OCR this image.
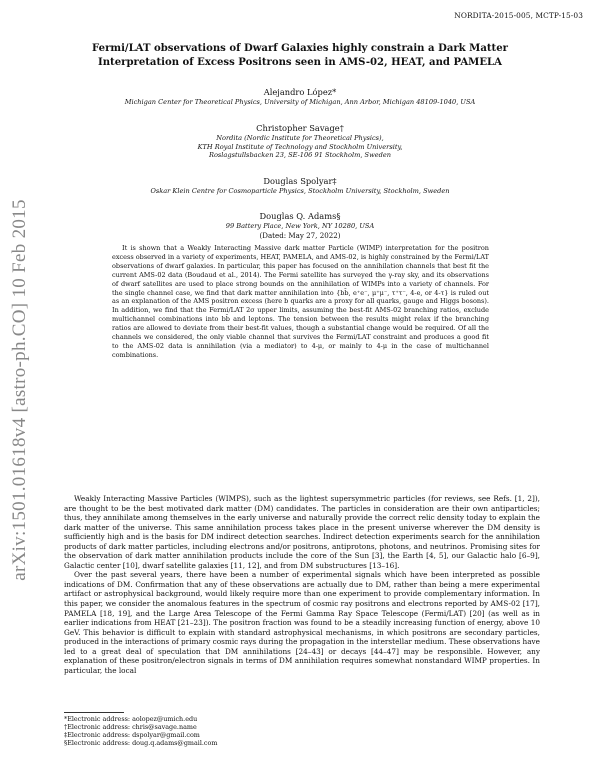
NORDITA-2015-005, MCTP-15-03
arXiv:1501.01618v4 [astro-ph.CO] 10 Feb 2015
Fermi/LAT observations of Dwarf Galaxies highly constrain a Dark Matter
Interpretation of Excess Positrons seen in AMS-02, HEAT, and PAMELA
Alejandro López*
Michigan Center for Theoretical Physics, University of Michigan, Ann Arbor, Michigan 48109-1040, USA
Christopher Savage†
Nordita (Nordic Institute for Theoretical Physics),
KTH Royal Institute of Technology and Stockholm University,
Roslagstullsbacken 23, SE-106 91 Stockholm, Sweden
Douglas Spolyar‡
Oskar Klein Centre for Cosmoparticle Physics, Stockholm University, Stockholm, Sweden
Douglas Q. Adams§
99 Battery Place, New York, NY 10280, USA
(Dated: May 27, 2022)

It is shown that a Weakly Interacting Massive dark matter Particle (WIMP) interpretation for the positron excess observed in a variety of experiments, HEAT, PAMELA, and AMS-02, is highly constrained by the Fermi/LAT observations of dwarf galaxies. In particular, this paper has focused on the annihilation channels that best fit the current AMS-02 data (Boudaud et al., 2014). The Fermi satellite has surveyed the γ-ray sky, and its observations of dwarf satellites are used to place strong bounds on the annihilation of WIMPs into a variety of channels. For the single channel case, we find that dark matter annihilation into {bb̄, e⁺e⁻, μ⁺μ⁻, τ⁺τ⁻, 4-e, or 4-τ} is ruled out as an explanation of the AMS positron excess (here b quarks are a proxy for all quarks, gauge and Higgs bosons). In addition, we find that the Fermi/LAT 2σ upper limits, assuming the best-fit AMS-02 branching ratios, exclude multichannel combinations into bb̄ and leptons. The tension between the results might relax if the branching ratios are allowed to deviate from their best-fit values, though a substantial change would be required. Of all the channels we considered, the only viable channel that survives the Fermi/LAT constraint and produces a good fit to the AMS-02 data is annihilation (via a mediator) to 4-μ, or mainly to 4-μ in the case of multichannel combinations.

Weakly Interacting Massive Particles (WIMPS), such as the lightest supersymmetric particles (for reviews, see Refs. [1, 2]), are thought to be the best motivated dark matter (DM) candidates. The particles in consideration are their own antiparticles; thus, they annihilate among themselves in the early universe and naturally provide the correct relic density today to explain the dark matter of the universe. This same annihilation process takes place in the present universe wherever the DM density is sufficiently high and is the basis for DM indirect detection searches. Indirect detection experiments search for the annihilation products of dark matter particles, including electrons and/or positrons, antiprotons, photons, and neutrinos. Promising sites for the observation of dark matter annihilation products include the core of the Sun [3], the Earth [4, 5], our Galactic halo [6–9], Galactic center [10], dwarf satellite galaxies [11, 12], and from DM substructures [13–16].

Over the past several years, there have been a number of experimental signals which have been interpreted as possible indications of DM. Confirmation that any of these observations are actually due to DM, rather than being a mere experimental artifact or astrophysical background, would likely require more than one experiment to provide complementary information. In this paper, we consider the anomalous features in the spectrum of cosmic ray positrons and electrons reported by AMS-02 [17], PAMELA [18, 19], and the Large Area Telescope of the Fermi Gamma Ray Space Telescope (Fermi/LAT) [20] (as well as in earlier indications from HEAT [21–23]). The positron fraction was found to be a steadily increasing function of energy, above 10 GeV. This behavior is difficult to explain with standard astrophysical mechanisms, in which positrons are secondary particles, produced in the interactions of primary cosmic rays during the propagation in the interstellar medium. These observations have led to a great deal of speculation that DM annihilations [24–43] or decays [44–47] may be responsible. However, any explanation of these positron/electron signals in terms of DM annihilation requires somewhat nonstandard WIMP properties. In particular, the local

*Electronic address: aolopez@umich.edu
†Electronic address: chris@savage.name
‡Electronic address: dspolyar@gmail.com
§Electronic address: doug.q.adams@gmail.com
